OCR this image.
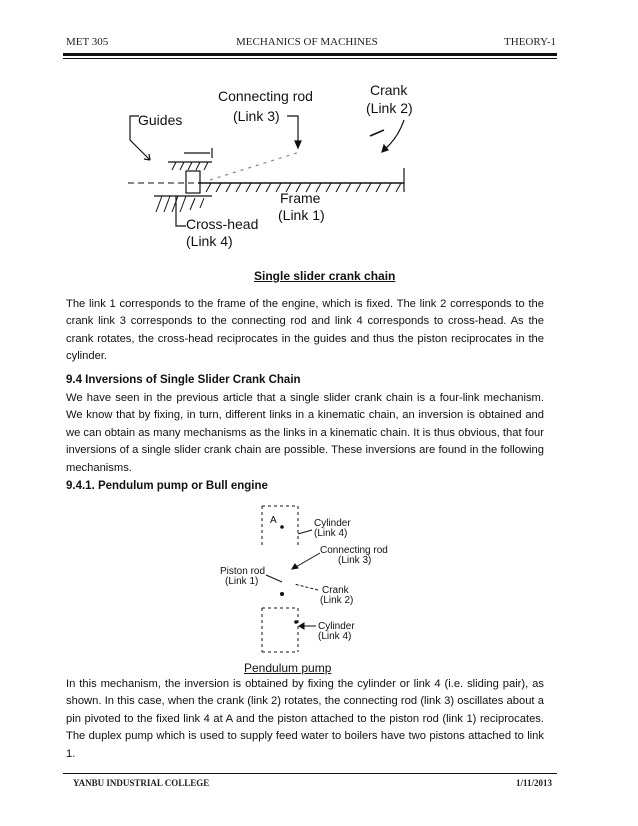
MET 305	MECHANICS OF MACHINES	THEORY-1
Connecting rod
(Link 3)
Crank
(Link 2)
Guides
Frame
(Link 1)
Cross-head
(Link 4)
Single slider crank chain

The link 1 corresponds to the frame of the engine, which is fixed. The link 2 corresponds to the crank link 3 corresponds to the connecting rod and link 4 corresponds to cross-head. As the crank rotates, the cross-head reciprocates in the guides and thus the piston reciprocates in the cylinder.

9.4 Inversions of Single Slider Crank Chain

We have seen in the previous article that a single slider crank chain is a four-link mechanism. We know that by fixing, in turn, different links in a kinematic chain, an inversion is obtained and we can obtain as many mechanisms as the links in a kinematic chain. It is thus obvious, that four inversions of a single slider crank chain are possible. These inversions are found in the following mechanisms.

9.4.1. Pendulum pump or Bull engine
A	Cylinder
(Link 4)
Connecting rod
(Link 3)
Piston rod
(Link 1)
Crank
(Link 2)
Cylinder
(Link 4)
Pendulum pump

In this mechanism, the inversion is obtained by fixing the cylinder or link 4 (i.e. sliding pair), as shown. In this case, when the crank (link 2) rotates, the connecting rod (link 3) oscillates about a pin pivoted to the fixed link 4 at A and the piston attached to the piston rod (link 1) reciprocates. The duplex pump which is used to supply feed water to boilers have two pistons attached to link 1.

YANBU INDUSTRIAL COLLEGE	1/11/2013
